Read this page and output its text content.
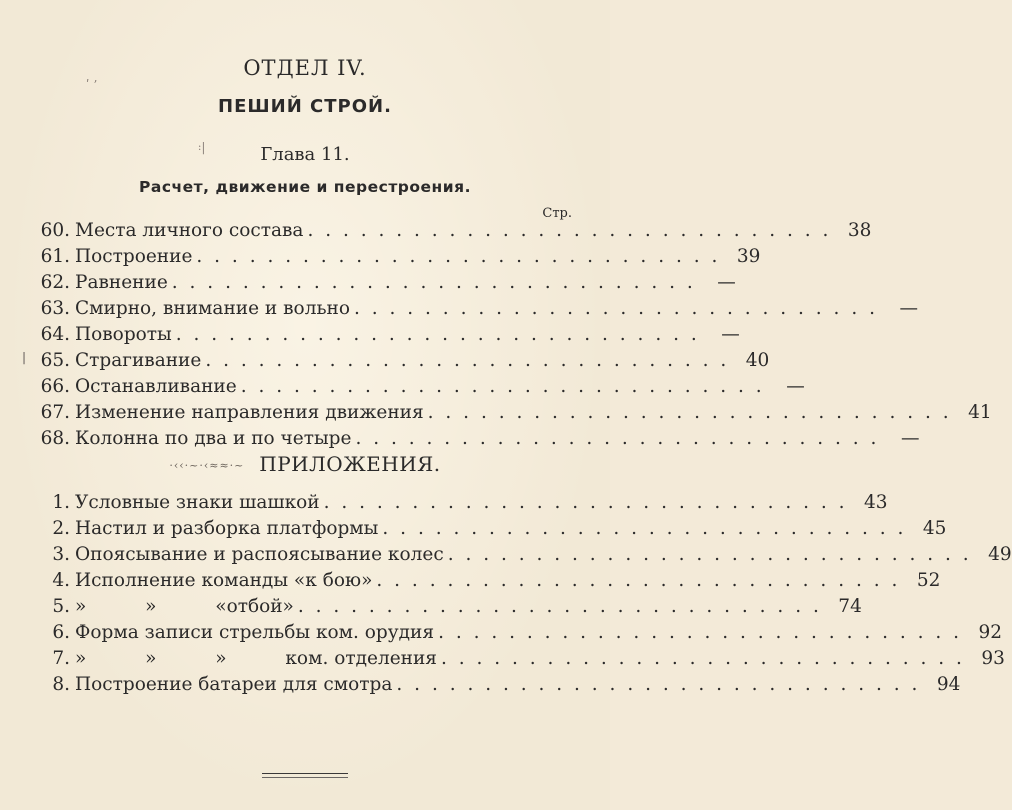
ОТДЕЛ IV.
ПЕШИЙ СТРОЙ.
Глава 11.
Расчет, движение и перестроения.
Стр.
60. Места личного состава . . . . . . . . . . . . . . . . . . . . . . . . . . . . . . 38
61. Построение . . . . . . . . . . . . . . . . . . . . . . . . . . . . . . 39
62. Равнение . . . . . . . . . . . . . . . . . . . . . . . . . . . . . .	—
63. Смирно, внимание и вольно . . . . . . . . . . . . . . . . . . . . . . . . . . . . . .	—
64. Повороты . . . . . . . . . . . . . . . . . . . . . . . . . . . . . .	—
65. Страгивание . . . . . . . . . . . . . . . . . . . . . . . . . . . . . . 40
66. Останавливание . . . . . . . . . . . . . . . . . . . . . . . . . . . . . .	—
67. Изменение направления движения . . . . . . . . . . . . . . . . . . . . . . . . . . . . . . 41
68. Колонна по два и по четыре . . . . . . . . . . . . . . . . . . . . . . . . . . . . . .	—
·‹‹·~·‹≈≈·~ ПРИЛОЖЕНИЯ.
1. Условные знаки шашкой . . . . . . . . . . . . . . . . . . . . . . . . . . . . . . 43
2. Настил и разборка платформы . . . . . . . . . . . . . . . . . . . . . . . . . . . . . . 45
3. Опоясывание и распоясывание колес . . . . . . . . . . . . . . . . . . . . . . . . . . . . . . 49
4. Исполнение команды «к бою» . . . . . . . . . . . . . . . . . . . . . . . . . . . . . . 52
5. »          »          «отбой» . . . . . . . . . . . . . . . . . . . . . . . . . . . . . . 74
6. Форма записи стрельбы ком. орудия . . . . . . . . . . . . . . . . . . . . . . . . . . . . . . 92
7. »          »          »          ком. отделения . . . . . . . . . . . . . . . . . . . . . . . . . . . . . . 93
8. Построение батареи для смотра . . . . . . . . . . . . . . . . . . . . . . . . . . . . . . 94
ʹ ʼ
꞉|
|
